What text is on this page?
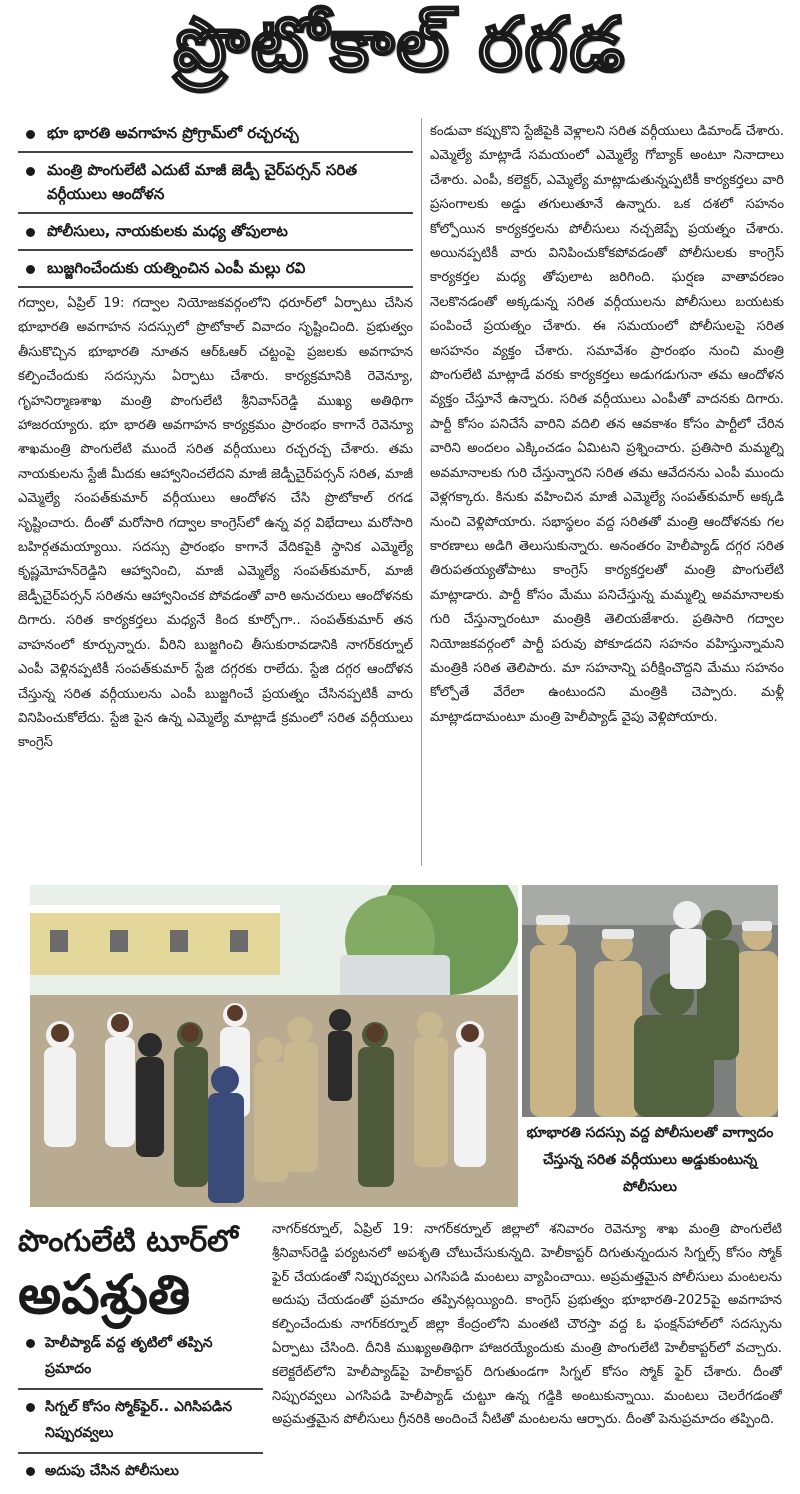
ప్రొటోకాల్ రగడ
భూ భారతి అవగాహన ప్రోగ్రామ్‌లో రచ్చరచ్చ
మంత్రి పొంగులేటి ఎదుటే మాజీ జెడ్పీ చైర్‌పర్సన్ సరిత వర్గీయులు ఆందోళన
పోలీసులు, నాయకులకు మధ్య తోపులాట
బుజ్జగించేందుకు యత్నించిన ఎంపీ మల్లు రవి

గద్వాల, ఏప్రిల్ 19: గద్వాల నియోజకవర్గంలోని ధరూర్‌లో ఏర్పాటు చేసిన భూభారతి అవగాహన సదస్సులో ప్రొటోకాల్ వివాదం సృష్టించింది. ప్రభుత్వం తీసుకొచ్చిన భూభారతి నూతన ఆర్ఓఆర్ చట్టంపై ప్రజలకు అవగాహన కల్పించేందుకు సదస్సును ఏర్పాటు చేశారు. కార్యక్రమానికి రెవెన్యూ, గృహనిర్మాణశాఖ మంత్రి పొంగులేటి శ్రీనివాస్‌రెడ్డి ముఖ్య అతిథిగా హాజరయ్యారు. భూ భారతి అవగాహన కార్యక్రమం ప్రారంభం కాగానే రెవెన్యూ శాఖమంత్రి పొంగులేటి ముందే సరిత వర్గీయులు రచ్చరచ్చ చేశారు. తమ నాయకులను స్టేజీ మీదకు ఆహ్వానించలేదని మాజీ జెడ్పీచైర్‌పర్సన్ సరిత, మాజీ ఎమ్మెల్యే సంపత్‌కుమార్ వర్గీయులు ఆందోళన చేసి ప్రొటోకాల్ రగడ సృష్టించారు. దీంతో మరోసారి గద్వాల కాంగ్రెస్‌లో ఉన్న వర్గ విభేదాలు మరోసారి బహిర్గతమయ్యాయి. సదస్సు ప్రారంభం కాగానే వేదికపైకి స్థానిక ఎమ్మెల్యే కృష్ణమోహన్‌రెడ్డిని ఆహ్వానించి, మాజీ ఎమ్మెల్యే సంపత్‌కుమార్, మాజీ జెడ్పీచైర్‌పర్సన్ సరితను ఆహ్వానించక పోవడంతో వారి అనుచరులు ఆందోళనకు దిగారు. సరిత కార్యకర్తలు మధ్యనే కింద కూర్చోగా.. సంపత్‌కుమార్ తన వాహనంలో కూర్చున్నారు. వీరిని బుజ్జగించి తీసుకురావడానికి నాగర్‌కర్నూల్ ఎంపీ వెళ్లినప్పటికీ సంపత్‌కుమార్ స్టేజి దగ్గరకు రాలేదు. స్టేజి దగ్గర ఆందోళన చేస్తున్న సరిత వర్గీయులను ఎంపీ బుజ్జగించే ప్రయత్నం చేసినప్పటికీ వారు వినిపించుకోలేదు. స్టేజి పైన ఉన్న ఎమ్మెల్యే మాట్లాడే క్రమంలో సరిత వర్గీయులు కాంగ్రెస్

కండువా కప్పుకొని స్టేజీపైకి వెళ్లాలని సరిత వర్గీయులు డిమాండ్ చేశారు. ఎమ్మెల్యే మాట్లాడే సమయంలో ఎమ్మెల్యే గోబ్యాక్ అంటూ నినాదాలు చేశారు. ఎంపీ, కలెక్టర్, ఎమ్మెల్యే మాట్లాడుతున్నప్పటికీ కార్యకర్తలు వారి ప్రసంగాలకు అడ్డు తగులుతూనే ఉన్నారు. ఒక దశలో సహనం కోల్పోయిన కార్యకర్తలను పోలీసులు నచ్చజెప్పే ప్రయత్నం చేశారు. అయినప్పటికీ వారు వినిపించుకోకపోవడంతో పోలీసులకు కాంగ్రెస్ కార్యకర్తల మధ్య తోపులాట జరిగింది. ఘర్షణ వాతావరణం నెలకొనడంతో అక్కడున్న సరిత వర్గీయులను పోలీసులు బయటకు పంపించే ప్రయత్నం చేశారు. ఈ సమయంలో పోలీసులపై సరిత అసహనం వ్యక్తం చేశారు. సమావేశం ప్రారంభం నుంచి మంత్రి పొంగులేటి మాట్లాడే వరకు కార్యకర్తలు అడుగడుగునా తమ ఆందోళన వ్యక్తం చేస్తూనే ఉన్నారు. సరిత వర్గీయులు ఎంపీతో వాదనకు దిగారు. పార్టీ కోసం పనిచేసే వారిని వదిలి తన ఆవకాశం కోసం పార్టీలో చేరిన వారిని అందలం ఎక్కించడం ఏమిటని ప్రశ్నించారు. ప్రతిసారి మమ్మల్ని అవమానాలకు గురి చేస్తున్నారని సరిత తమ ఆవేదనను ఎంపీ ముందు వెళ్లగక్కారు. కినుకు వహించిన మాజీ ఎమ్మెల్యే సంపత్‌కుమార్ అక్కడి నుంచి వెళ్లిపోయారు. సభాస్థలం వద్ద సరితతో మంత్రి ఆందోళనకు గల కారణాలు అడిగి తెలుసుకున్నారు. అనంతరం హెలీప్యాడ్ దగ్గర సరిత తిరుపతయ్యతోపాటు కాంగ్రెస్ కార్యకర్తలతో మంత్రి పొంగులేటి మాట్లాడారు. పార్టీ కోసం మేము పనిచేస్తున్న మమ్మల్ని అవమానాలకు గురి చేస్తున్నారంటూ మంత్రికి తెలియజేశారు. ప్రతిసారి గద్వాల నియోజకవర్గంలో పార్టీ పరువు పోకూడదని సహనం వహిస్తున్నామని మంత్రికి సరిత తెలిపారు. మా సహనాన్ని పరీక్షించొద్దని మేము సహనం కోల్పోతే వేరేలా ఉంటుందని మంత్రికి చెప్పారు. మళ్లీ మాట్లాడదామంటూ మంత్రి హెలీప్యాడ్ వైపు వెళ్లిపోయారు.

భూభారతి సదస్సు వద్ద పోలీసులతో వాగ్వాదం చేస్తున్న సరిత వర్గీయులు అడ్డుకుంటున్న పోలీసులు
పొంగులేటి టూర్‌లో
అపశ్రుతి
హెలీప్యాడ్ వద్ద తృటిలో తప్పిన ప్రమాదం
సిగ్నల్ కోసం స్మోక్‌ఫైర్.. ఎగిసిపడిన నిప్పురవ్వలు
అదుపు చేసిన పోలీసులు

నాగర్‌కర్నూల్, ఏప్రిల్ 19: నాగర్‌కర్నూల్ జిల్లాలో శనివారం రెవెన్యూ శాఖ మంత్రి పొంగులేటి శ్రీనివాస్‌రెడ్డి పర్యటనలో అపశృతి చోటుచేసుకున్నది. హెలీకాప్టర్ దిగుతున్నందున సిగ్నల్స్ కోసం స్మోక్ ఫైర్ చేయడంతో నిప్పురవ్వలు ఎగసిపడి మంటలు వ్యాపించాయి. అప్రమత్తమైన పోలీసులు మంటలను అదుపు చేయడంతో ప్రమాదం తప్పినట్లయ్యింది. కాంగ్రెస్ ప్రభుత్వం భూభారతి-2025పై అవగాహన కల్పించేందుకు నాగర్‌కర్నూల్ జిల్లా కేంద్రంలోని మంతటి చౌరస్తా వద్ద ఓ ఫంక్షన్‌హాల్‌లో సదస్సును ఏర్పాటు చేసింది. దీనికి ముఖ్యఅతిథిగా హాజరయ్యేందుకు మంత్రి పొంగులేటి హెలీకాప్టర్‌లో వచ్చారు. కలెక్టరేట్‌లోని హెలీప్యాడ్‌పై హెలీకాప్టర్ దిగుతుండగా సిగ్నల్ కోసం స్మోక్ ఫైర్ చేశారు. దీంతో నిప్పురవ్వలు ఎగసిపడి హెలీప్యాడ్ చుట్టూ ఉన్న గడ్డికి అంటుకున్నాయి. మంటలు చెలరేగడంతో అప్రమత్తమైన పోలీసులు గ్రీనరికి అందించే నీటితో మంటలను ఆర్పారు. దీంతో పెనుప్రమాదం తప్పింది.
